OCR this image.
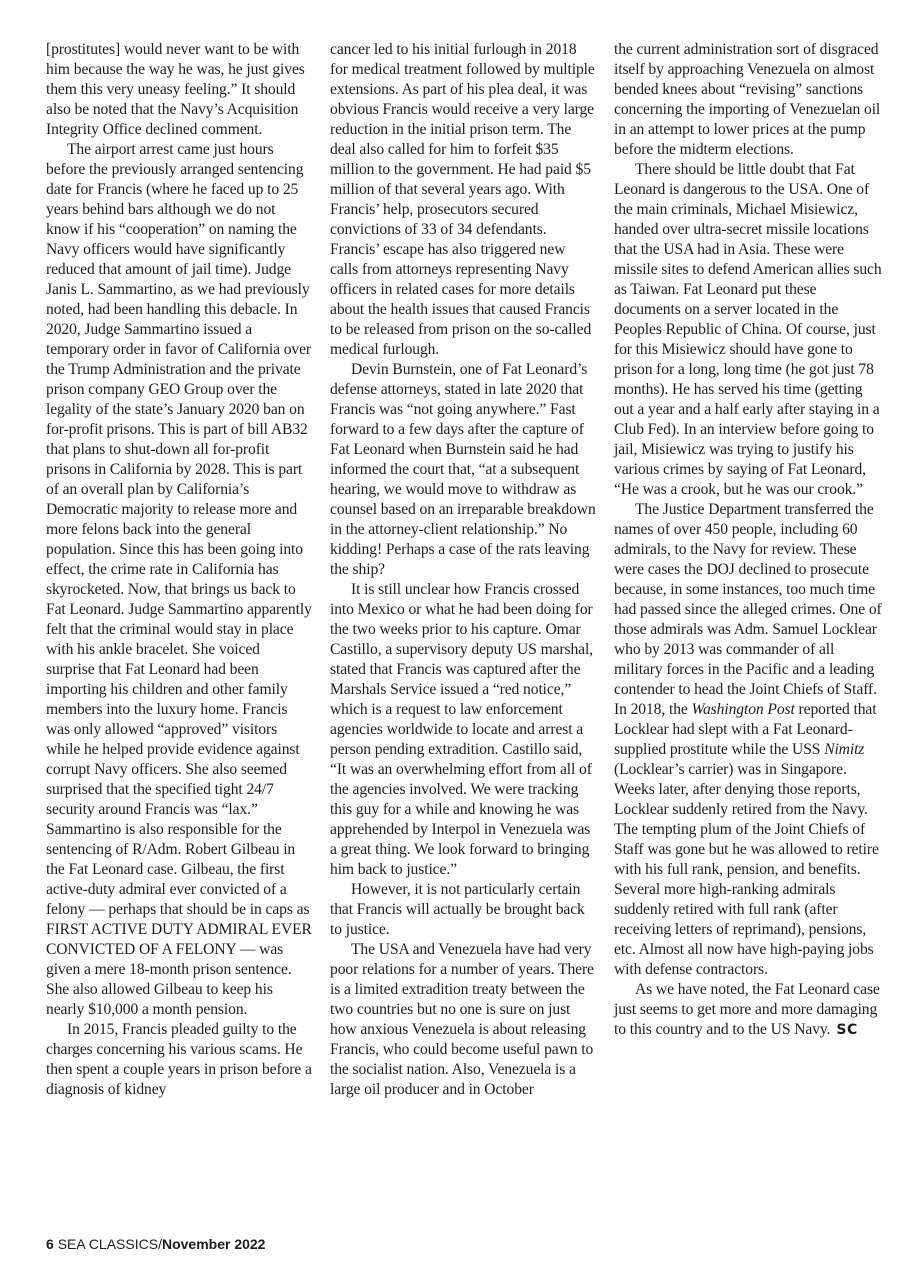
[prostitutes] would never want to be with him because the way he was, he just gives them this very uneasy feeling.” It should also be noted that the Navy’s Acquisition Integrity Office declined comment.

The airport arrest came just hours before the previously arranged sentencing date for Francis (where he faced up to 25 years behind bars although we do not know if his “cooperation” on naming the Navy officers would have significantly reduced that amount of jail time). Judge Janis L. Sammartino, as we had previously noted, had been handling this debacle. In 2020, Judge Sammartino issued a temporary order in favor of California over the Trump Administration and the private prison company GEO Group over the legality of the state’s January 2020 ban on for-profit prisons. This is part of bill AB32 that plans to shut-down all for-profit prisons in California by 2028. This is part of an overall plan by California’s Democratic majority to release more and more felons back into the general population. Since this has been going into effect, the crime rate in California has skyrocketed. Now, that brings us back to Fat Leonard. Judge Sammartino apparently felt that the criminal would stay in place with his ankle bracelet. She voiced surprise that Fat Leonard had been importing his children and other family members into the luxury home. Francis was only allowed “approved” visitors while he helped provide evidence against corrupt Navy officers. She also seemed surprised that the specified tight 24/7 security around Francis was “lax.” Sammartino is also responsible for the sentencing of R/Adm. Robert Gilbeau in the Fat Leonard case. Gilbeau, the first active-duty admiral ever convicted of a felony — perhaps that should be in caps as FIRST ACTIVE DUTY ADMIRAL EVER CONVICTED OF A FELONY — was given a mere 18-month prison sentence. She also allowed Gilbeau to keep his nearly $10,000 a month pension.

In 2015, Francis pleaded guilty to the charges concerning his various scams. He then spent a couple years in prison before a diagnosis of kidney

cancer led to his initial furlough in 2018 for medical treatment followed by multiple extensions. As part of his plea deal, it was obvious Francis would receive a very large reduction in the initial prison term. The deal also called for him to forfeit $35 million to the government. He had paid $5 million of that several years ago. With Francis’ help, prosecutors secured convictions of 33 of 34 defendants. Francis’ escape has also triggered new calls from attorneys representing Navy officers in related cases for more details about the health issues that caused Francis to be released from prison on the so-called medical furlough.

Devin Burnstein, one of Fat Leonard’s defense attorneys, stated in late 2020 that Francis was “not going anywhere.” Fast forward to a few days after the capture of Fat Leonard when Burnstein said he had informed the court that, “at a subsequent hearing, we would move to withdraw as counsel based on an irreparable breakdown in the attorney-client relationship.” No kidding! Perhaps a case of the rats leaving the ship?

It is still unclear how Francis crossed into Mexico or what he had been doing for the two weeks prior to his capture. Omar Castillo, a supervisory deputy US marshal, stated that Francis was captured after the Marshals Service issued a “red notice,” which is a request to law enforcement agencies worldwide to locate and arrest a person pending extradition. Castillo said, “It was an overwhelming effort from all of the agencies involved. We were tracking this guy for a while and knowing he was apprehended by Interpol in Venezuela was a great thing. We look forward to bringing him back to justice.”

However, it is not particularly certain that Francis will actually be brought back to justice.

The USA and Venezuela have had very poor relations for a number of years. There is a limited extradition treaty between the two countries but no one is sure on just how anxious Venezuela is about releasing Francis, who could become useful pawn to the socialist nation. Also, Venezuela is a large oil producer and in October

the current administration sort of disgraced itself by approaching Venezuela on almost bended knees about “revising” sanctions concerning the importing of Venezuelan oil in an attempt to lower prices at the pump before the midterm elections.

There should be little doubt that Fat Leonard is dangerous to the USA. One of the main criminals, Michael Misiewicz, handed over ultra-secret missile locations that the USA had in Asia. These were missile sites to defend American allies such as Taiwan. Fat Leonard put these documents on a server located in the Peoples Republic of China. Of course, just for this Misiewicz should have gone to prison for a long, long time (he got just 78 months). He has served his time (getting out a year and a half early after staying in a Club Fed). In an interview before going to jail, Misiewicz was trying to justify his various crimes by saying of Fat Leonard, “He was a crook, but he was our crook.”

The Justice Department transferred the names of over 450 people, including 60 admirals, to the Navy for review. These were cases the DOJ declined to prosecute because, in some instances, too much time had passed since the alleged crimes. One of those admirals was Adm. Samuel Locklear who by 2013 was commander of all military forces in the Pacific and a leading contender to head the Joint Chiefs of Staff. In 2018, the Washington Post reported that Locklear had slept with a Fat Leonard-supplied prostitute while the USS Nimitz (Locklear’s carrier) was in Singapore. Weeks later, after denying those reports, Locklear suddenly retired from the Navy. The tempting plum of the Joint Chiefs of Staff was gone but he was allowed to retire with his full rank, pension, and benefits. Several more high-ranking admirals suddenly retired with full rank (after receiving letters of reprimand), pensions, etc. Almost all now have high-paying jobs with defense contractors.

As we have noted, the Fat Leonard case just seems to get more and more damaging to this country and to the US Navy. SC

6 SEA CLASSICS/November 2022
